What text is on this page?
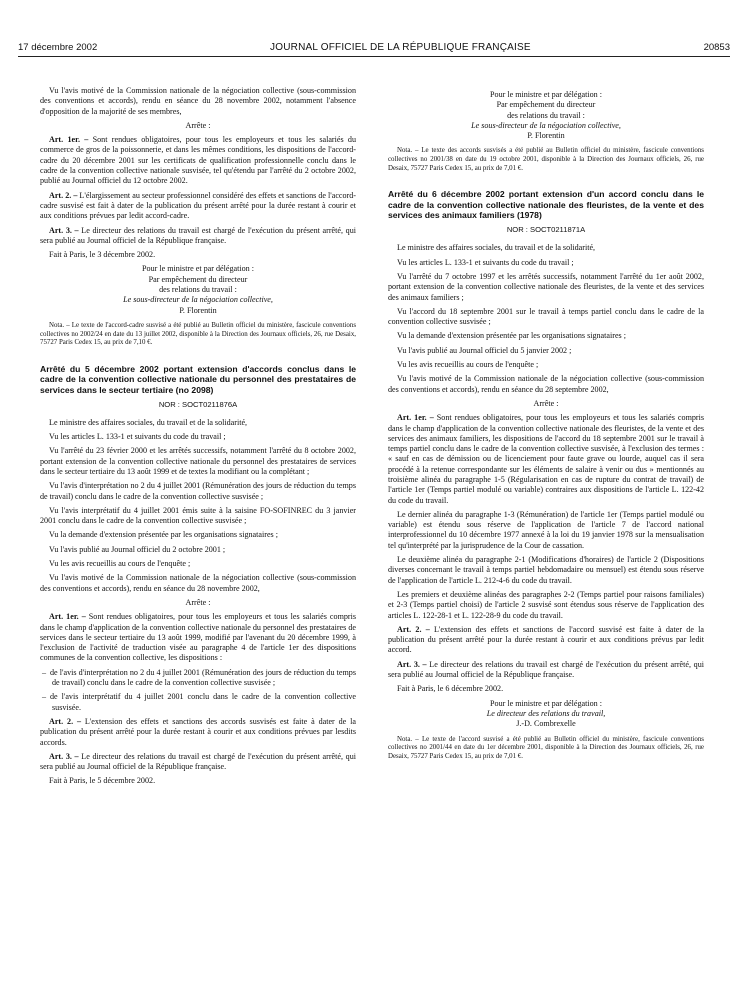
17 décembre 2002	JOURNAL OFFICIEL DE LA RÉPUBLIQUE FRANÇAISE	20853

Vu l'avis motivé de la Commission nationale de la négociation collective (sous-commission des conventions et accords), rendu en séance du 28 novembre 2002, notamment l'absence d'opposition de la majorité de ses membres,

Arrête :

Art. 1er. – Sont rendues obligatoires, pour tous les employeurs et tous les salariés du commerce de gros de la poissonnerie, et dans les mêmes conditions, les dispositions de l'accord-cadre du 20 décembre 2001 sur les certificats de qualification professionnelle conclu dans le cadre de la convention collective nationale susvisée, tel qu'étendu par l'arrêté du 2 octobre 2002, publié au Journal officiel du 12 octobre 2002.

Art. 2. – L'élargissement au secteur professionnel considéré des effets et sanctions de l'accord-cadre susvisé est fait à dater de la publication du présent arrêté pour la durée restant à courir et aux conditions prévues par ledit accord-cadre.

Art. 3. – Le directeur des relations du travail est chargé de l'exécution du présent arrêté, qui sera publié au Journal officiel de la République française.

Fait à Paris, le 3 décembre 2002.

Pour le ministre et par délégation :
Par empêchement du directeur
des relations du travail :
Le sous-directeur de la négociation collective,
P. Florentin

Nota. – Le texte de l'accord-cadre susvisé a été publié au Bulletin officiel du ministère, fascicule conventions collectives no 2002/24 en date du 13 juillet 2002, disponible à la Direction des Journaux officiels, 26, rue Desaix, 75727 Paris Cedex 15, au prix de 7,10 €.

Arrêté du 5 décembre 2002 portant extension d'accords conclus dans le cadre de la convention collective nationale du personnel des prestataires de services dans le secteur tertiaire (no 2098)
NOR : SOCT0211876A

Le ministre des affaires sociales, du travail et de la solidarité,

Vu les articles L. 133-1 et suivants du code du travail ;

Vu l'arrêté du 23 février 2000 et les arrêtés successifs, notamment l'arrêté du 8 octobre 2002, portant extension de la convention collective nationale du personnel des prestataires de services dans le secteur tertiaire du 13 août 1999 et de textes la modifiant ou la complétant ;

Vu l'avis d'interprétation no 2 du 4 juillet 2001 (Rémunération des jours de réduction du temps de travail) conclu dans le cadre de la convention collective susvisée ;

Vu l'avis interprétatif du 4 juillet 2001 émis suite à la saisine FO-SOFINREC du 3 janvier 2001 conclu dans le cadre de la convention collective susvisée ;

Vu la demande d'extension présentée par les organisations signataires ;

Vu l'avis publié au Journal officiel du 2 octobre 2001 ;

Vu les avis recueillis au cours de l'enquête ;

Vu l'avis motivé de la Commission nationale de la négociation collective (sous-commission des conventions et accords), rendu en séance du 28 novembre 2002,

Arrête :

Art. 1er. – Sont rendues obligatoires, pour tous les employeurs et tous les salariés compris dans le champ d'application de la convention collective nationale du personnel des prestataires de services dans le secteur tertiaire du 13 août 1999, modifié par l'avenant du 20 décembre 1999, à l'exclusion de l'activité de traduction visée au paragraphe 4 de l'article 1er des dispositions communes de la convention collective, les dispositions :

– de l'avis d'interprétation no 2 du 4 juillet 2001 (Rémunération des jours de réduction du temps de travail) conclu dans le cadre de la convention collective susvisée ;

– de l'avis interprétatif du 4 juillet 2001 conclu dans le cadre de la convention collective susvisée.

Art. 2. – L'extension des effets et sanctions des accords susvisés est faite à dater de la publication du présent arrêté pour la durée restant à courir et aux conditions prévues par lesdits accords.

Art. 3. – Le directeur des relations du travail est chargé de l'exécution du présent arrêté, qui sera publié au Journal officiel de la République française.

Fait à Paris, le 5 décembre 2002.

Pour le ministre et par délégation :
Par empêchement du directeur
des relations du travail :
Le sous-directeur de la négociation collective,
P. Florentin

Nota. – Le texte des accords susvisés a été publié au Bulletin officiel du ministère, fascicule conventions collectives no 2001/38 en date du 19 octobre 2001, disponible à la Direction des Journaux officiels, 26, rue Desaix, 75727 Paris Cedex 15, au prix de 7,01 €.

Arrêté du 6 décembre 2002 portant extension d'un accord conclu dans le cadre de la convention collective nationale des fleuristes, de la vente et des services des animaux familiers (1978)
NOR : SOCT0211871A

Le ministre des affaires sociales, du travail et de la solidarité,

Vu les articles L. 133-1 et suivants du code du travail ;

Vu l'arrêté du 7 octobre 1997 et les arrêtés successifs, notamment l'arrêté du 1er août 2002, portant extension de la convention collective nationale des fleuristes, de la vente et des services des animaux familiers ;

Vu l'accord du 18 septembre 2001 sur le travail à temps partiel conclu dans le cadre de la convention collective susvisée ;

Vu la demande d'extension présentée par les organisations signataires ;

Vu l'avis publié au Journal officiel du 5 janvier 2002 ;

Vu les avis recueillis au cours de l'enquête ;

Vu l'avis motivé de la Commission nationale de la négociation collective (sous-commission des conventions et accords), rendu en séance du 28 septembre 2002,

Arrête :

Art. 1er. – Sont rendues obligatoires, pour tous les employeurs et tous les salariés compris dans le champ d'application de la convention collective nationale des fleuristes, de la vente et des services des animaux familiers, les dispositions de l'accord du 18 septembre 2001 sur le travail à temps partiel conclu dans le cadre de la convention collective susvisée, à l'exclusion des termes : « sauf en cas de démission ou de licenciement pour faute grave ou lourde, auquel cas il sera procédé à la retenue correspondante sur les éléments de salaire à venir ou dus » mentionnés au troisième alinéa du paragraphe 1-5 (Régularisation en cas de rupture du contrat de travail) de l'article 1er (Temps partiel modulé ou variable) contraires aux dispositions de l'article L. 122-42 du code du travail.

Le dernier alinéa du paragraphe 1-3 (Rémunération) de l'article 1er (Temps partiel modulé ou variable) est étendu sous réserve de l'application de l'article 7 de l'accord national interprofessionnel du 10 décembre 1977 annexé à la loi du 19 janvier 1978 sur la mensualisation tel qu'interprété par la jurisprudence de la Cour de cassation.

Le deuxième alinéa du paragraphe 2-1 (Modifications d'horaires) de l'article 2 (Dispositions diverses concernant le travail à temps partiel hebdomadaire ou mensuel) est étendu sous réserve de l'application de l'article L. 212-4-6 du code du travail.

Les premiers et deuxième alinéas des paragraphes 2-2 (Temps partiel pour raisons familiales) et 2-3 (Temps partiel choisi) de l'article 2 susvisé sont étendus sous réserve de l'application des articles L. 122-28-1 et L. 122-28-9 du code du travail.

Art. 2. – L'extension des effets et sanctions de l'accord susvisé est faite à dater de la publication du présent arrêté pour la durée restant à courir et aux conditions prévus par ledit accord.

Art. 3. – Le directeur des relations du travail est chargé de l'exécution du présent arrêté, qui sera publié au Journal officiel de la République française.

Fait à Paris, le 6 décembre 2002.

Pour le ministre et par délégation :
Le directeur des relations du travail,
J.-D. Combrexelle

Nota. – Le texte de l'accord susvisé a été publié au Bulletin officiel du ministère, fascicule conventions collectives no 2001/44 en date du 1er décembre 2001, disponible à la Direction des Journaux officiels, 26, rue Desaix, 75727 Paris Cedex 15, au prix de 7,01 €.
